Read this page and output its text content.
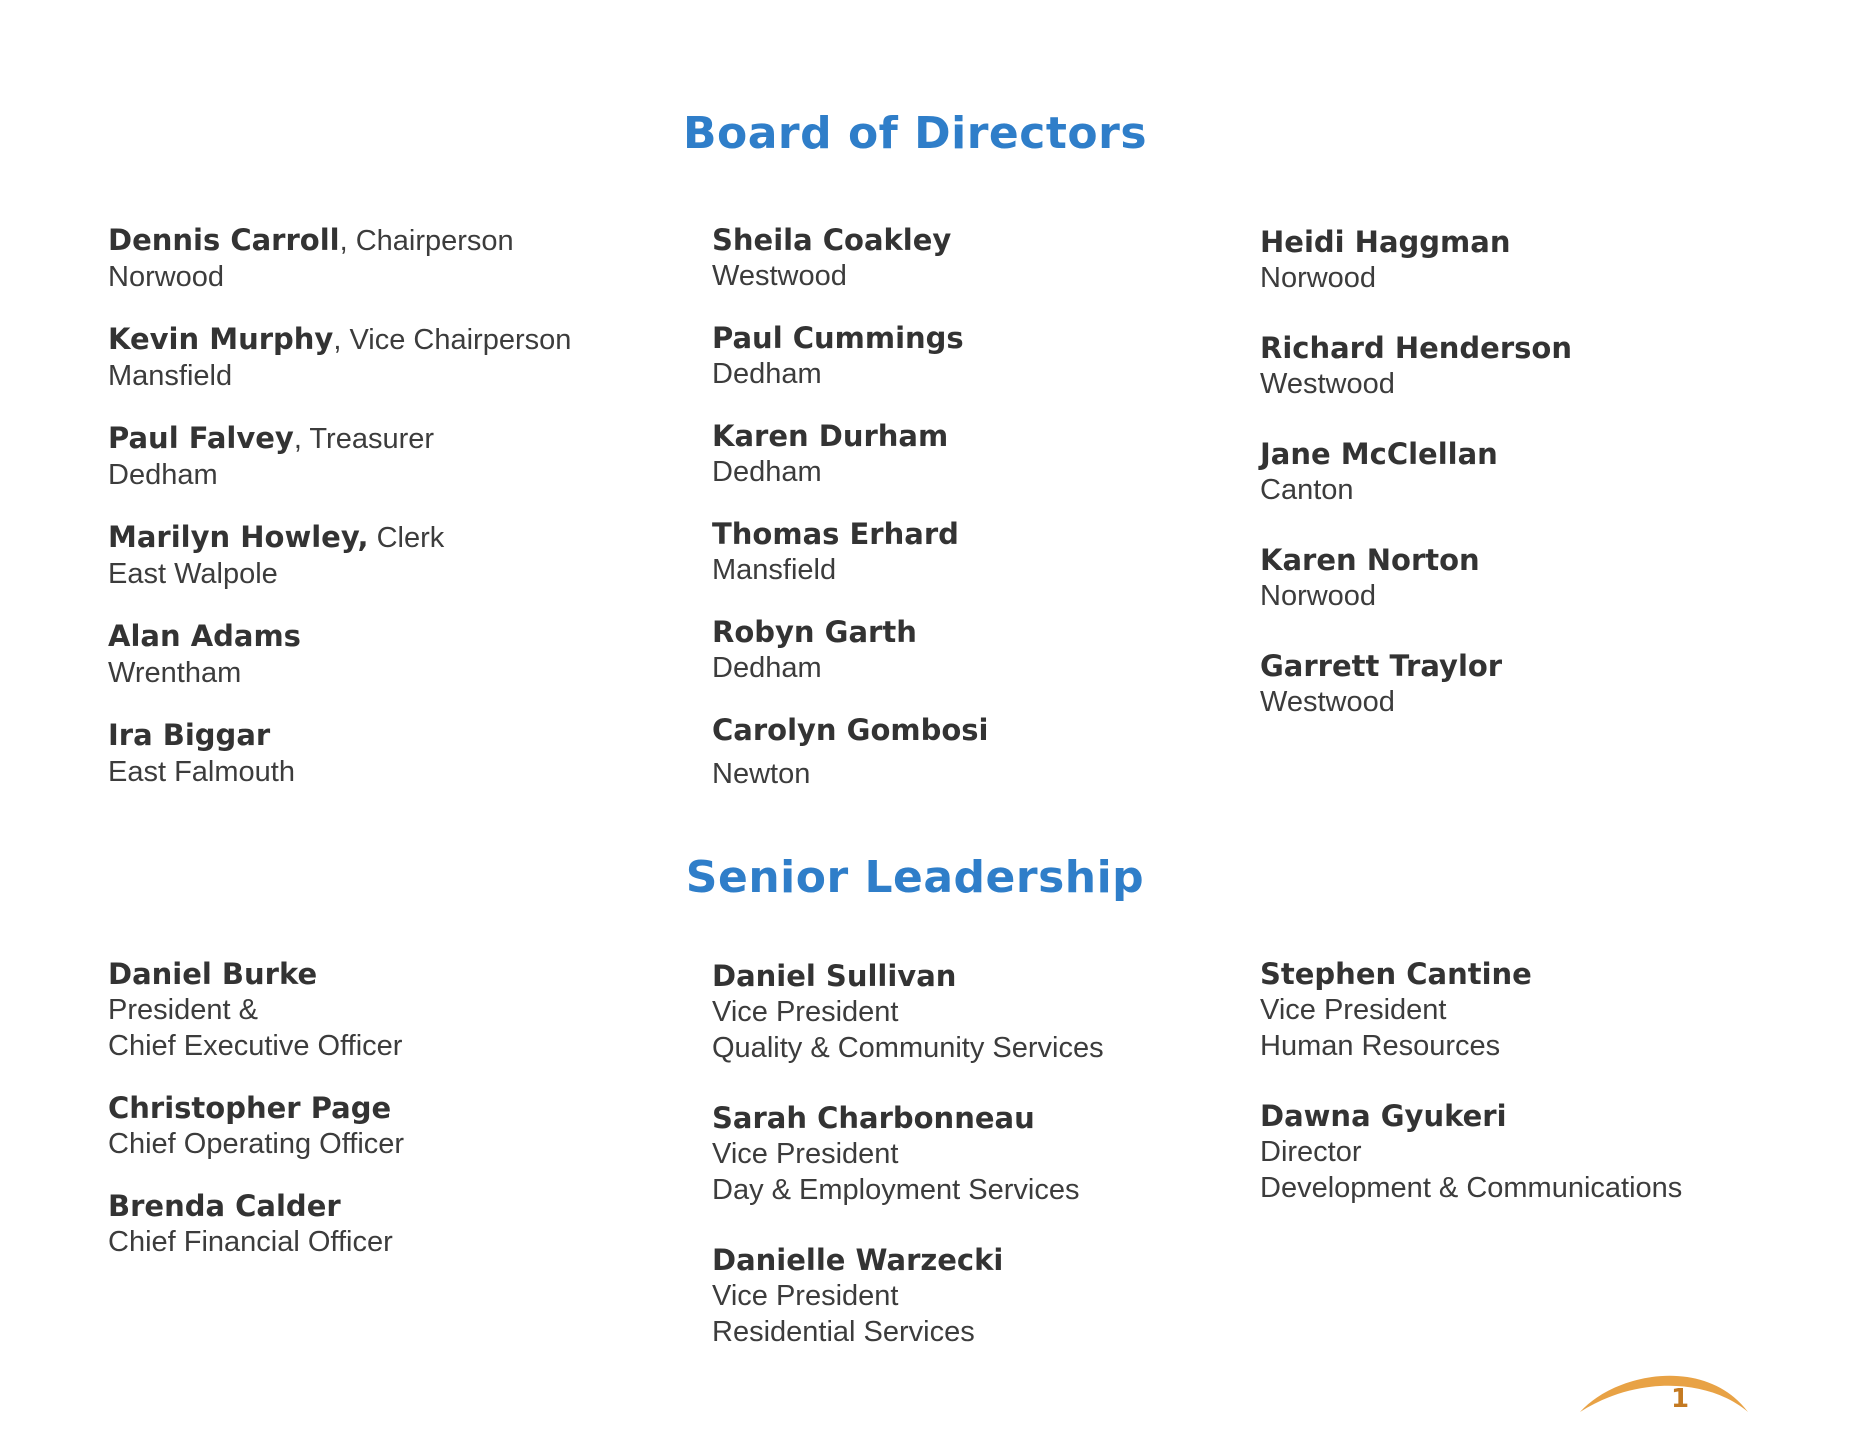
Board of Directors
Dennis Carroll, Chairperson
Norwood
Kevin Murphy, Vice Chairperson
Mansfield
Paul Falvey, Treasurer
Dedham
Marilyn Howley, Clerk
East Walpole
Alan Adams
Wrentham
Ira Biggar
East Falmouth
Sheila Coakley
Westwood
Paul Cummings
Dedham
Karen Durham
Dedham
Thomas Erhard
Mansfield
Robyn Garth
Dedham
Carolyn Gombosi
Newton
Heidi Haggman
Norwood
Richard Henderson
Westwood
Jane McClellan
Canton
Karen Norton
Norwood
Garrett Traylor
Westwood
Senior Leadership
Daniel Burke
President &
Chief Executive Officer
Christopher Page
Chief Operating Officer
Brenda Calder
Chief Financial Officer
Daniel Sullivan
Vice President
Quality & Community Services
Sarah Charbonneau
Vice President
Day & Employment Services
Danielle Warzecki
Vice President
Residential Services
Stephen Cantine
Vice President
Human Resources
Dawna Gyukeri
Director
Development & Communications
1
